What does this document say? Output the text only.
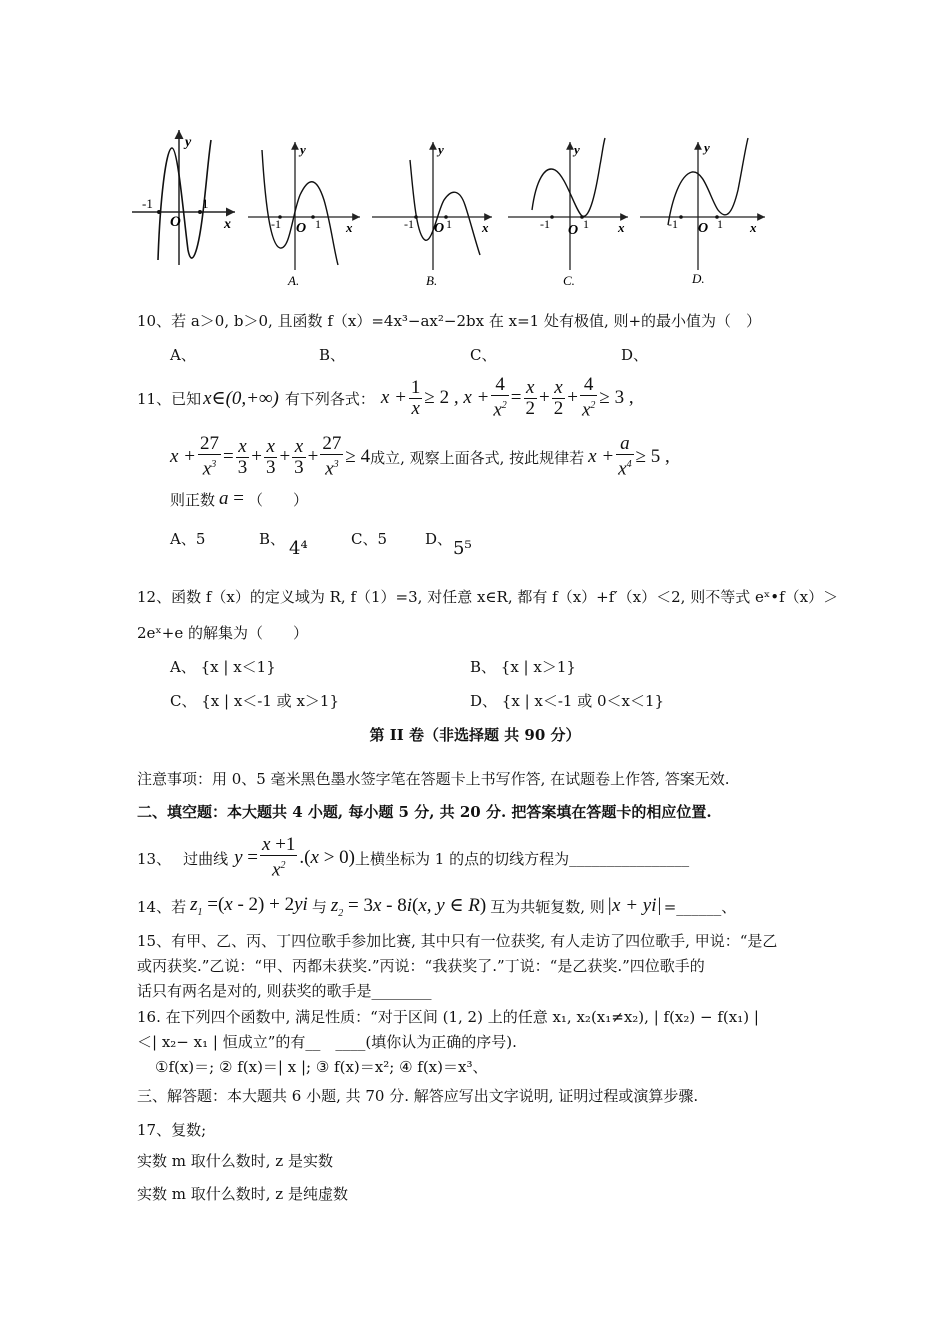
-1	1
O	x
y
-1	1
O	x
y
A.
-1	1
O	x
y
B.
-1	1
O	x
y
C.
-1	1
O	x
y
D.
10、若 a＞0, b＞0, 且函数 f（x）=4x³−ax²−2bx 在 x=1 处有极值, 则+的最小值为（　）
A、	B、	C、	D、
11、已知 x∈(0,+∞) 有下列各式： $x + \frac{1}{x} \ge 2$ , $x + \frac{4}{x^2} = \frac{x}{2} + \frac{x}{2} + \frac{4}{x^2} \ge 3$ ,
$x + \frac{27}{x^3} = \frac{x}{3} + \frac{x}{3} + \frac{x}{3} + \frac{27}{x^3} \ge 4$ 成立, 观察上面各式, 按此规律若 $x + \frac{a}{x^4} \ge 5$ ,
则正数 a = （　　）
A、5	B、 4⁴	C、5	D、 5⁵
12、函数 f（x）的定义域为 R, f（1）=3, 对任意 x∈R, 都有 f（x）+f′（x）＜2, 则不等式 eˣ•f（x）＞
2eˣ+e 的解集为（　　）
A、 {x | x＜1}	B、 {x | x＞1}
C、 {x | x＜-1 或 x＞1}	D、 {x | x＜-1 或 0＜x＜1}
第 II 卷（非选择题 共 90 分）
注意事项：用 0、5 毫米黑色墨水签字笔在答题卡上书写作答, 在试题卷上作答, 答案无效.
二、填空题：本大题共 4 小题, 每小题 5 分, 共 20 分. 把答案填在答题卡的相应位置.
13、 过曲线 $y = \frac{x +1}{x^2} .(x > 0)$ 上横坐标为 1 的点的切线方程为 ________________
14、若 $z_1 =(x - 2) + 2yi$ 与 $z_2 = 3x - 8i(x$, y ∈ R) 互为共轭复数, 则 |x + yi| =______、
15、有甲、乙、丙、丁四位歌手参加比赛, 其中只有一位获奖, 有人走访了四位歌手, 甲说：“是乙
或丙获奖.”乙说：“甲、丙都未获奖.”丙说：“我获奖了.”丁说：“是乙获奖.”四位歌手的
话只有两名是对的, 则获奖的歌手是________
16. 在下列四个函数中, 满足性质：“对于区间 (1, 2) 上的任意 x₁, x₂(x₁≠x₂), | f(x₂) − f(x₁) |
＜| x₂− x₁ | 恒成立”的有__　____(填你认为正确的序号).
①f(x)＝; ② f(x)＝| x |; ③ f(x)＝x²; ④ f(x)＝x³、
三、解答题：本大题共 6 小题, 共 70 分. 解答应写出文字说明, 证明过程或演算步骤.
17、复数;
实数 m 取什么数时, z 是实数
实数 m 取什么数时, z 是纯虚数
